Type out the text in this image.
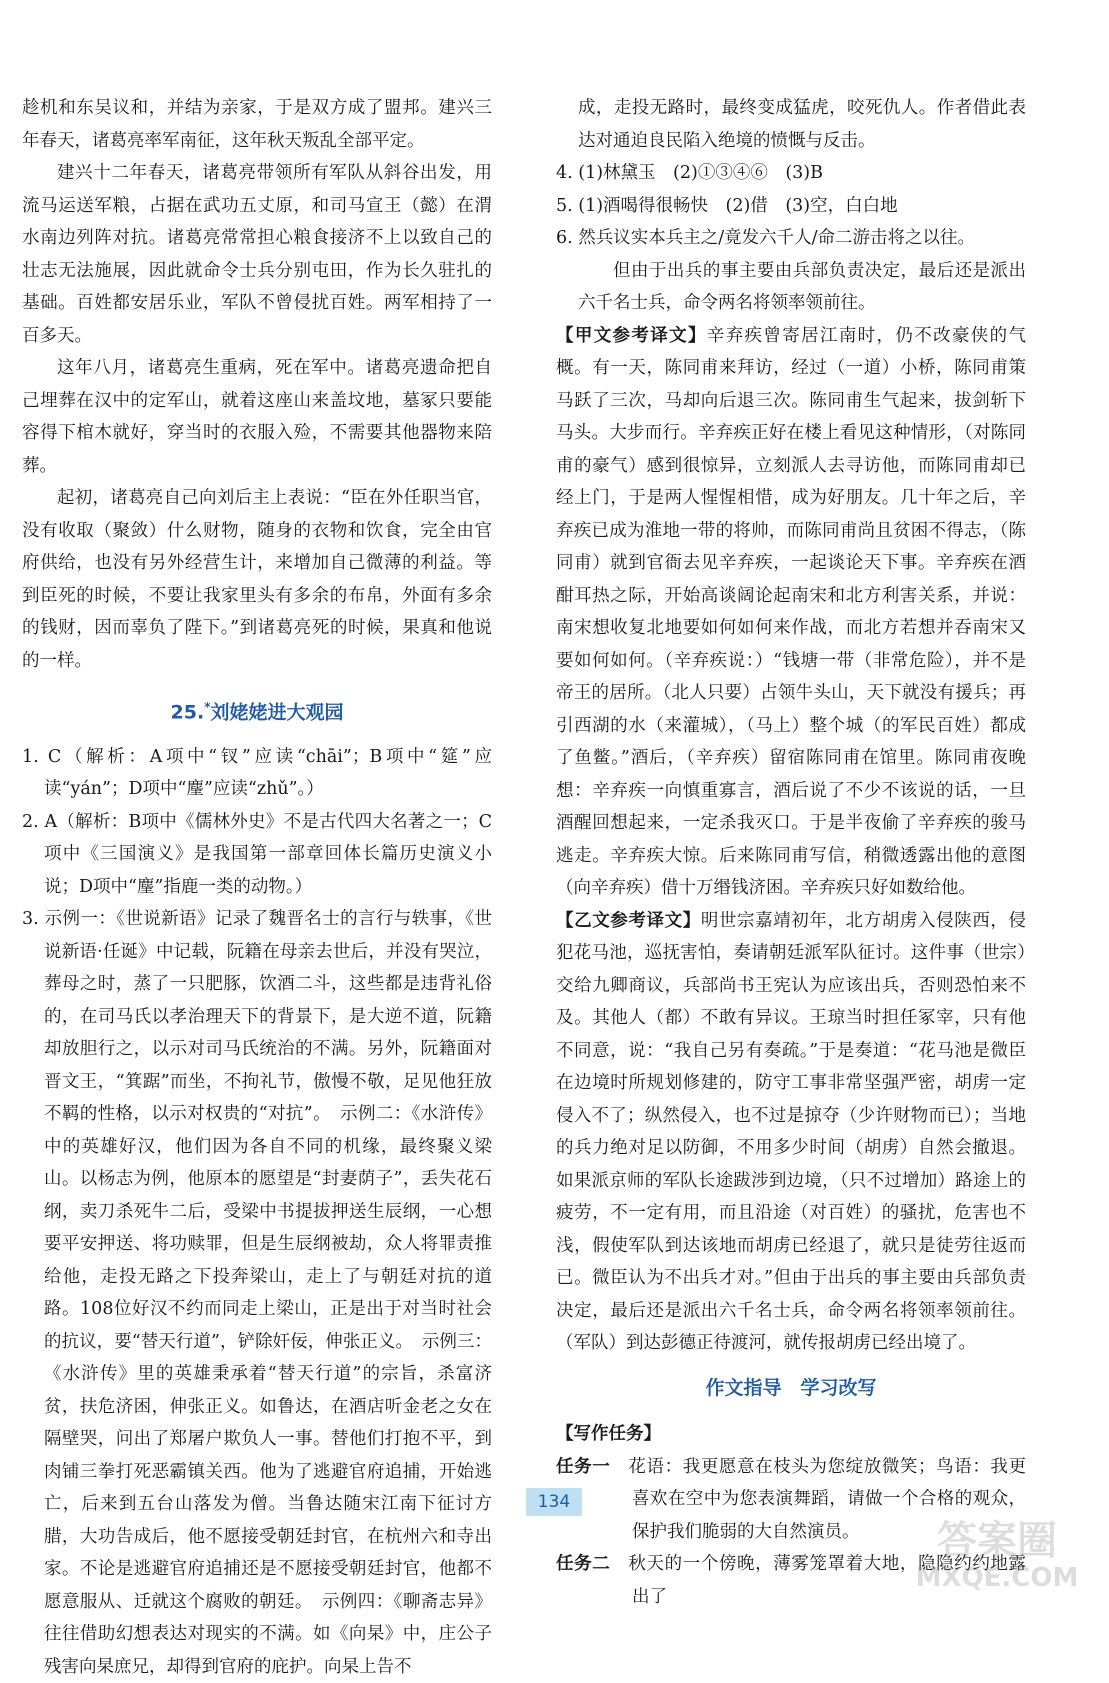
趁机和东吴议和，并结为亲家，于是双方成了盟邦。建兴三年春天，诸葛亮率军南征，这年秋天叛乱全部平定。

建兴十二年春天，诸葛亮带领所有军队从斜谷出发，用流马运送军粮，占据在武功五丈原，和司马宣王（懿）在渭水南边列阵对抗。诸葛亮常常担心粮食接济不上以致自己的壮志无法施展，因此就命令士兵分别屯田，作为长久驻扎的基础。百姓都安居乐业，军队不曾侵扰百姓。两军相持了一百多天。

这年八月，诸葛亮生重病，死在军中。诸葛亮遗命把自己埋葬在汉中的定军山，就着这座山来盖坟地，墓冢只要能容得下棺木就好，穿当时的衣服入殓，不需要其他器物来陪葬。

起初，诸葛亮自己向刘后主上表说：“臣在外任职当官，没有收取（聚敛）什么财物，随身的衣物和饮食，完全由官府供给，也没有另外经营生计，来增加自己微薄的利益。等到臣死的时候，不要让我家里头有多余的布帛，外面有多余的钱财，因而辜负了陛下。”到诸葛亮死的时候，果真和他说的一样。

25.*刘姥姥进大观园

1. C（解析：A项中“钗”应读“chāi”；B项中“筵”应读“yán”；D项中“麈”应读“zhǔ”。）

2. A（解析：B项中《儒林外史》不是古代四大名著之一；C项中《三国演义》是我国第一部章回体长篇历史演义小说；D项中“麈”指鹿一类的动物。）

3. 示例一：《世说新语》记录了魏晋名士的言行与轶事，《世说新语·任诞》中记载，阮籍在母亲去世后，并没有哭泣，葬母之时，蒸了一只肥豚，饮酒二斗，这些都是违背礼俗的，在司马氏以孝治理天下的背景下，是大逆不道，阮籍却放胆行之，以示对司马氏统治的不满。另外，阮籍面对晋文王，“箕踞”而坐，不拘礼节，傲慢不敬，足见他狂放不羁的性格，以示对权贵的“对抗”。　示例二：《水浒传》中的英雄好汉，他们因为各自不同的机缘，最终聚义梁山。以杨志为例，他原本的愿望是“封妻荫子”，丢失花石纲，卖刀杀死牛二后，受梁中书提拔押送生辰纲，一心想要平安押送、将功赎罪，但是生辰纲被劫，众人将罪责推给他，走投无路之下投奔梁山，走上了与朝廷对抗的道路。108位好汉不约而同走上梁山，正是出于对当时社会的抗议，要“替天行道”，铲除奸佞，伸张正义。　示例三：《水浒传》里的英雄秉承着“替天行道”的宗旨，杀富济贫，扶危济困，伸张正义。如鲁达，在酒店听金老之女在隔壁哭，问出了郑屠户欺负人一事。替他们打抱不平，到肉铺三拳打死恶霸镇关西。他为了逃避官府追捕，开始逃亡，后来到五台山落发为僧。当鲁达随宋江南下征讨方腊，大功告成后，他不愿接受朝廷封官，在杭州六和寺出家。不论是逃避官府追捕还是不愿接受朝廷封官，他都不愿意服从、迁就这个腐败的朝廷。　示例四：《聊斋志异》往往借助幻想表达对现实的不满。如《向杲》中，庄公子残害向杲庶兄，却得到官府的庇护。向杲上告不

成，走投无路时，最终变成猛虎，咬死仇人。作者借此表达对通迫良民陷入绝境的愤慨与反击。

4. (1)林黛玉　(2)①③④⑥　(3)B

5. (1)酒喝得很畅快　(2)借　(3)空，白白地

6. 然兵议实本兵主之/竟发六千人/命二游击将之以往。

但由于出兵的事主要由兵部负责决定，最后还是派出六千名士兵，命令两名将领率领前往。

【甲文参考译文】辛弃疾曾寄居江南时，仍不改豪侠的气概。有一天，陈同甫来拜访，经过（一道）小桥，陈同甫策马跃了三次，马却向后退三次。陈同甫生气起来，拔剑斩下马头。大步而行。辛弃疾正好在楼上看见这种情形，（对陈同甫的豪气）感到很惊异，立刻派人去寻访他，而陈同甫却已经上门，于是两人惺惺相惜，成为好朋友。几十年之后，辛弃疾已成为淮地一带的将帅，而陈同甫尚且贫困不得志，（陈同甫）就到官衙去见辛弃疾，一起谈论天下事。辛弃疾在酒酣耳热之际，开始高谈阔论起南宋和北方利害关系，并说：南宋想收复北地要如何如何来作战，而北方若想并吞南宋又要如何如何。（辛弃疾说：）“钱塘一带（非常危险），并不是帝王的居所。（北人只要）占领牛头山，天下就没有援兵；再引西湖的水（来灌城），（马上）整个城（的军民百姓）都成了鱼鳖。”酒后，（辛弃疾）留宿陈同甫在馆里。陈同甫夜晚想：辛弃疾一向慎重寡言，酒后说了不少不该说的话，一旦酒醒回想起来，一定杀我灭口。于是半夜偷了辛弃疾的骏马逃走。辛弃疾大惊。后来陈同甫写信，稍微透露出他的意图（向辛弃疾）借十万缗钱济困。辛弃疾只好如数给他。

【乙文参考译文】明世宗嘉靖初年，北方胡虏入侵陕西，侵犯花马池，巡抚害怕，奏请朝廷派军队征讨。这件事（世宗）交给九卿商议，兵部尚书王宪认为应该出兵，否则恐怕来不及。其他人（都）不敢有异议。王琼当时担任冢宰，只有他不同意，说：“我自己另有奏疏。”于是奏道：“花马池是微臣在边境时所规划修建的，防守工事非常坚强严密，胡虏一定侵入不了；纵然侵入，也不过是掠夺（少许财物而已）；当地的兵力绝对足以防御，不用多少时间（胡虏）自然会撤退。如果派京师的军队长途跋涉到边境，（只不过增加）路途上的疲劳，不一定有用，而且沿途（对百姓）的骚扰，危害也不浅，假使军队到达该地而胡虏已经退了，就只是徒劳往返而已。微臣认为不出兵才对。”但由于出兵的事主要由兵部负责决定，最后还是派出六千名士兵，命令两名将领率领前往。（军队）到达彭德正待渡河，就传报胡虏已经出境了。

作文指导　学习改写

【写作任务】

任务一　 花语：我更愿意在枝头为您绽放微笑；鸟语：我更喜欢在空中为您表演舞蹈，请做一个合格的观众，保护我们脆弱的大自然演员。

任务二　 秋天的一个傍晚，薄雾笼罩着大地，隐隐约约地露出了

134
答案圈
MXQE.COM
